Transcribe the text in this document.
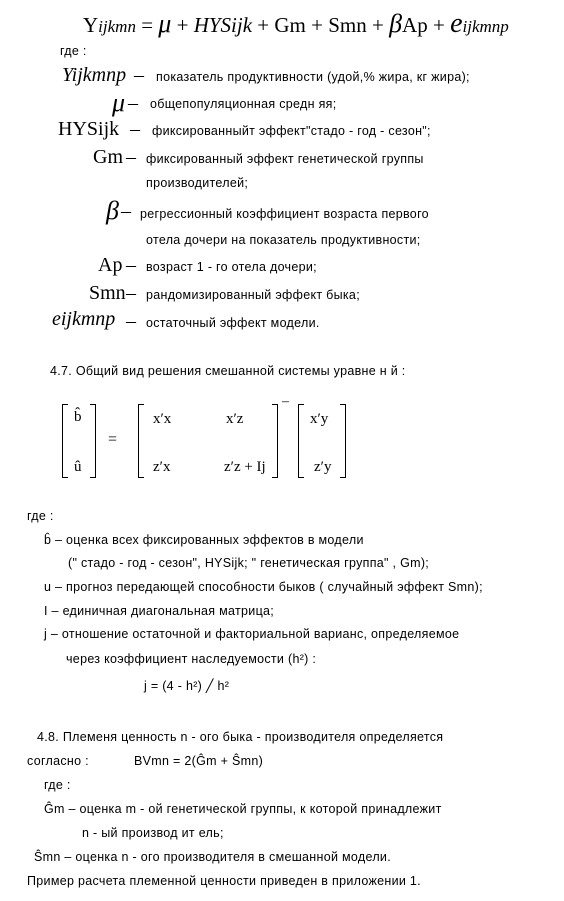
Yijkmn = μ + HYSijk + Gm + Smn + βAp + eijkmnp
где :
Yijkmnp – показатель продуктивности (удой,% жира, кг жира);
μ – общепопуляционная средн яя;
HYSijk – фиксированныйт эффект"стадо - год - сезон";
Gm – фиксированный эффект генетической группы
производителей;
β – регрессионный коэффициент возраста первого
отела дочери на показатель продуктивности;
Ap – возраст 1 - го отела дочери;
Smn – рандомизированный эффект быка;
eijkmnp – остаточный эффект модели.
4.7. Общий вид решения смешанной системы уравне н й :
b̂
û
=
x′x	x′z
z′x	z′z + Ij
–
x′y
z′y
где :
b̂ – оценка всех фиксированных эффектов в модели
(" стадо - год - сезон", HYSijk; " генетическая группа" , Gm);
u – прогноз передающей способности быков ( случайный эффект Smn);
I – единичная диагональная матрица;
j – отношение остаточной и факториальной варианс, определяемое
через коэффициент наследуемости (h²) :
j = (4 - h²) ╱ h²
4.8. Племеня ценность n - ого быка - производителя определяется
согласно :	BVmn = 2(Ĝm + Ŝmn)
где :
Ĝm – оценка m - ой генетической группы, к которой принадлежит
n - ый производ ит ель;
Ŝmn – оценка n - ого производителя в смешанной модели.
Пример расчета племенной ценности приведен в приложении 1.
